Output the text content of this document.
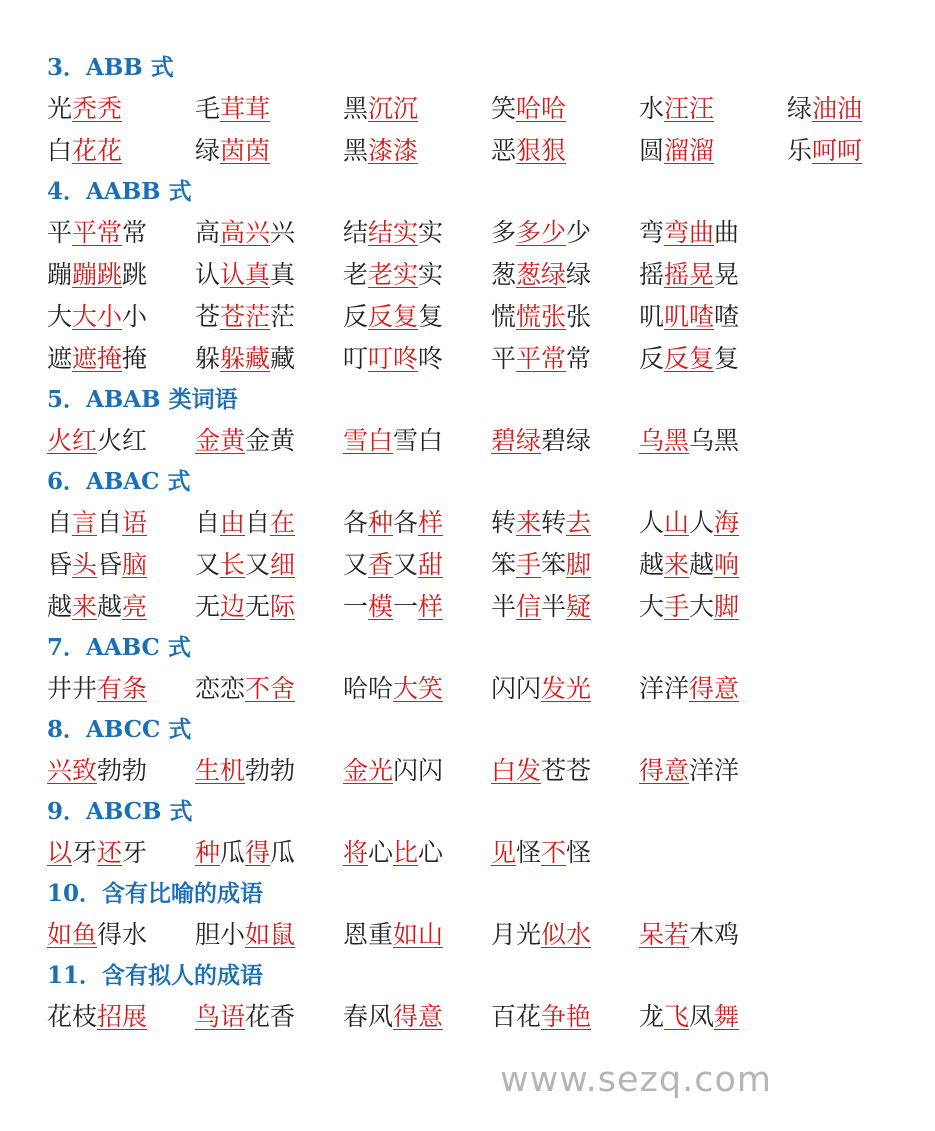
3．ABB 式
光秃秃	毛茸茸	黑沉沉	笑哈哈	水汪汪	绿油油
白花花	绿茵茵	黑漆漆	恶狠狠	圆溜溜	乐呵呵
4．AABB 式
平平常常	高高兴兴	结结实实	多多少少	弯弯曲曲
蹦蹦跳跳	认认真真	老老实实	葱葱绿绿	摇摇晃晃
大大小小	苍苍茫茫	反反复复	慌慌张张	叽叽喳喳
遮遮掩掩	躲躲藏藏	叮叮咚咚	平平常常	反反复复
5．ABAB 类词语
火红火红	金黄金黄	雪白雪白	碧绿碧绿	乌黑乌黑
6．ABAC 式
自言自语	自由自在	各种各样	转来转去	人山人海
昏头昏脑	又长又细	又香又甜	笨手笨脚	越来越响
越来越亮	无边无际	一模一样	半信半疑	大手大脚
7．AABC 式
井井有条	恋恋不舍	哈哈大笑	闪闪发光	洋洋得意
8．ABCC 式
兴致勃勃	生机勃勃	金光闪闪	白发苍苍	得意洋洋
9．ABCB 式
以牙还牙	种瓜得瓜	将心比心	见怪不怪
10．含有比喻的成语
如鱼得水	胆小如鼠	恩重如山	月光似水	呆若木鸡
11．含有拟人的成语
花枝招展	鸟语花香	春风得意	百花争艳	龙飞凤舞
www.sezq.com
